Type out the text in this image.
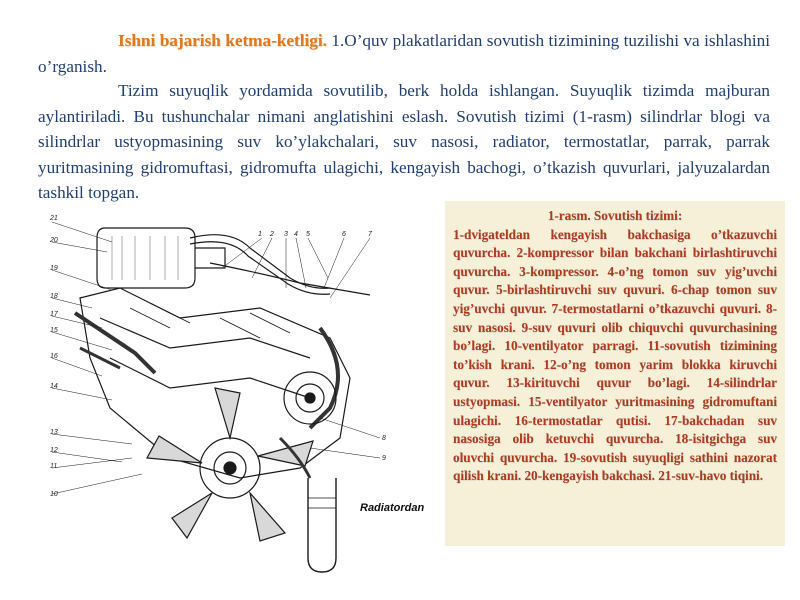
Ishni bajarish ketma-ketligi. 1.O’quv plakatlaridan sovutish tizimining tuzilishi va ishlashini o’rganish.

Tizim suyuqlik yordamida sovutilib, berk holda ishlangan. Suyuqlik tizimda majburan aylantiriladi. Bu tushunchalar nimani anglatishini eslash. Sovutish tizimi (1-rasm) silindrlar blogi va silindrlar ustyopmasining suv ko’ylakchalari, suv nasosi, radiator, termostatlar, parrak, parrak yuritmasining gidromuftasi, gidromufta ulagichi, kengayish bachogi, o’tkazish quvurlari, jalyuzalardan tashkil topgan.

21
20
19
18
17
15
16
14
13
12
11
10
1 2 3 4 5	6	7
8
9
Radiatordan
1-rasm. Sovutish tizimi:
1-dvigateldan kengayish bakchasiga o’tkazuvchi quvurcha. 2-kompressor bilan bakchani birlashtiruvchi quvurcha. 3-kompressor. 4-o’ng tomon suv yig’uvchi quvur. 5-birlashtiruvchi suv quvuri. 6-chap tomon suv yig’uvchi quvur. 7-termostatlarni o’tkazuvchi quvuri. 8-suv nasosi. 9-suv quvuri olib chiquvchi quvurchasining bo’lagi. 10-ventilyator parragi. 11-sovutish tizimining to’kish krani. 12-o’ng tomon yarim blokka kiruvchi quvur. 13-kirituvchi quvur bo’lagi. 14-silindrlar ustyopmasi. 15-ventilyator yuritmasining gidromuftani ulagichi. 16-termostatlar qutisi. 17-bakchadan suv nasosiga olib ketuvchi quvurcha. 18-isitgichga suv oluvchi quvurcha. 19-sovutish suyuqligi sathini nazorat qilish krani. 20-kengayish bakchasi. 21-suv-havo tiqini.
